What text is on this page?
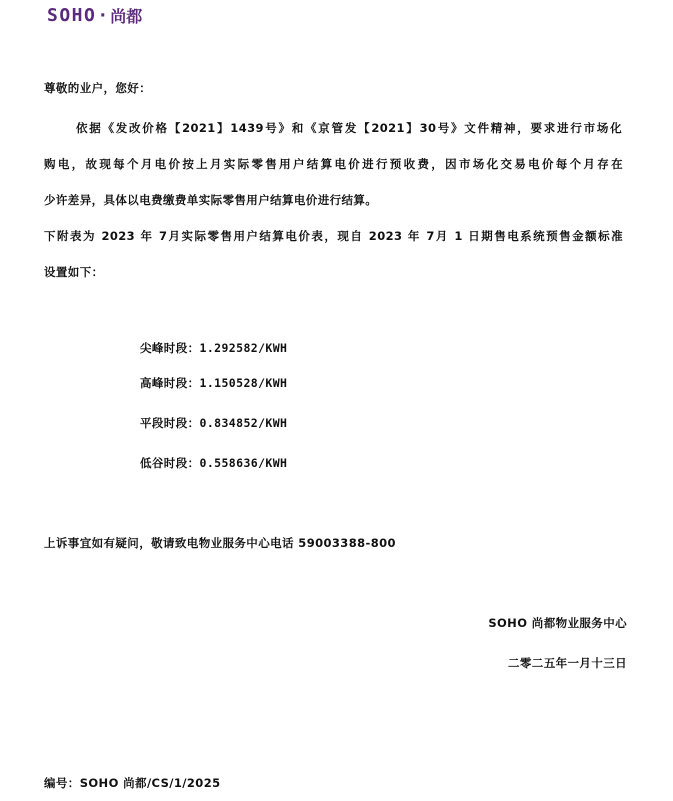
SOHO · 尚都
尊敬的业户，您好：
依据《发改价格【2021】1439号》和《京管发【2021】30号》文件精神，要求进行市场化
购电，故现每个月电价按上月实际零售用户结算电价进行预收费，因市场化交易电价每个月存在
少许差异，具体以电费缴费单实际零售用户结算电价进行结算。
下附表为 2023 年 7月实际零售用户结算电价表，现自 2023 年 7月 1 日期售电系统预售金额标准
设置如下：
尖峰时段：1.292582/KWH
高峰时段：1.150528/KWH
平段时段：0.834852/KWH
低谷时段：0.558636/KWH
上诉事宜如有疑问，敬请致电物业服务中心电话 59003388-800
SOHO 尚都物业服务中心
二零二五年一月十三日
编号：SOHO 尚都/CS/1/2025
